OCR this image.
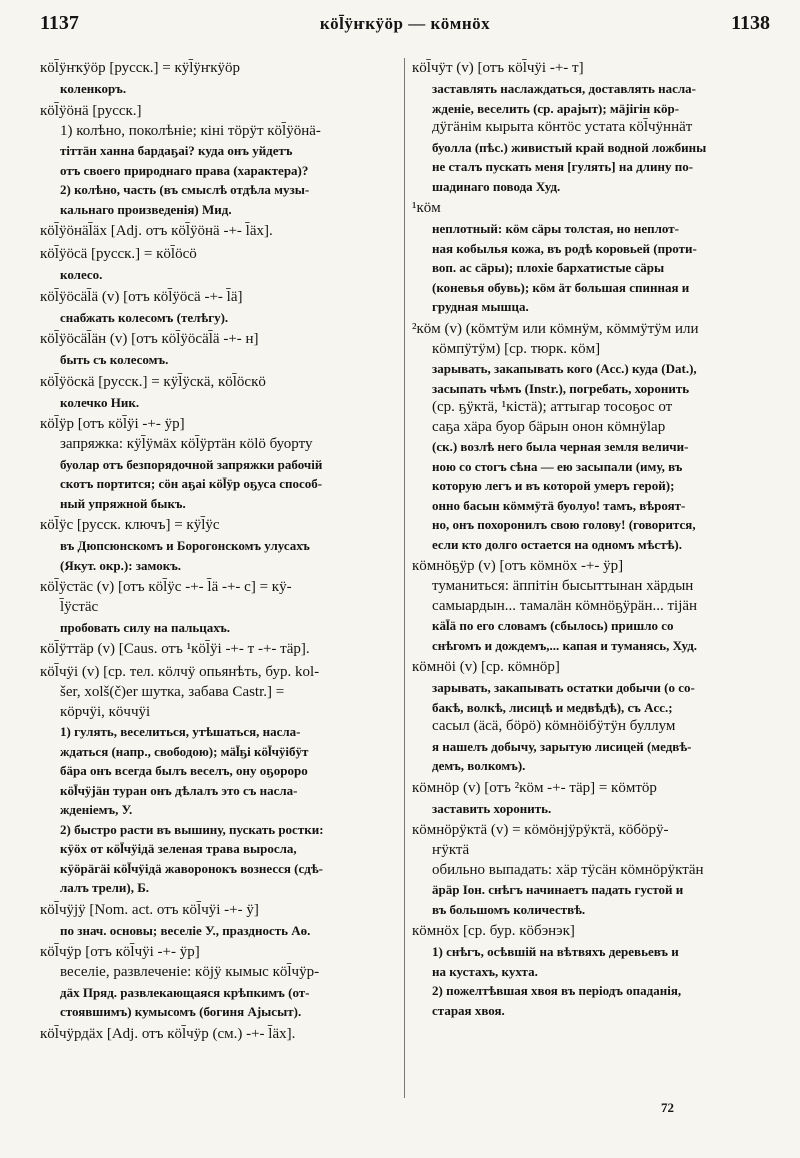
1137	кöl̄ÿҥкÿöр — кöмнöх	1138
кöl̄ÿҥкÿöр [русск.] = кÿl̄ÿҥкÿöр
коленкоръ.
кöl̄ÿöнä [русск.]
1) колѣно, поколѣніе; кіні тöрÿт кöl̄ÿöнä-
тіттäн ханна бардаҕаі? куда онъ уйдетъ
отъ своего природнаго права (характера)?
2) колѣно, часть (въ смыслѣ отдѣла музы-
кальнаго произведенія) Мид.
кöl̄ÿöнäl̄äх [Adj. отъ кöl̄ÿöнä -+- l̄äх].
кöl̄ÿöсä [русск.] = кöl̄öсö
колесо.
кöl̄ÿöсäl̄ä (v) [отъ кöl̄ÿöсä -+- l̄ä]
снабжать колесомъ (телѣгу).
кöl̄ÿöсäl̄äн (v) [отъ кöl̄ÿöсäl̄ä -+- н]
быть съ колесомъ.
кöl̄ÿöскä [русск.] = кÿl̄ÿскä, кöl̄öскö
колечко Ник.
кöl̄ÿр [отъ кöl̄ÿі -+- ÿр]
запряжка: кÿl̄ÿмäх кöl̄ÿртäн кölö буорту
буолар отъ безпорядочной запряжки рабочій
скотъ портится; сöн аҕаі кöl̄ÿр оҕуса способ-
ный упряжной быкъ.
кöl̄ÿс [русск. ключъ] = кÿl̄ÿс
въ Дюпсюнскомъ и Борогонскомъ улусахъ
(Якут. окр.): замокъ.
кöl̄ÿстäс (v) [отъ кöl̄ÿс -+- l̄ä -+- с] = кÿ-
l̄ÿстäс
пробовать силу на пальцахъ.
кöl̄ÿттäр (v) [Caus. отъ ¹кöl̄ÿі -+- т -+- тäр].
кöl̄чÿі (v) [ср. тел. кöлчÿ опьянѣть, бур. kol-
šer, xolš(č)er шутка, забава Castr.] =
кöрчÿі, кöччÿі
1) гулять, веселиться, утѣшаться, насла-
ждаться (напр., свободою); мäl̄ҕі кöl̄чÿібÿт
бäра онъ всегда былъ веселъ, ону оҕороро
кöl̄чÿјäн туран онъ дѣлалъ это съ насла-
жденіемъ, У.
2) быстро расти въ вышину, пускать ростки:
кÿöх от кöl̄чÿідä зеленая трава выросла,
кÿöрäгäі кöl̄чÿідä жаворонокъ вознесся (сдѣ-
лалъ трели), Б.
кöl̄чÿјÿ [Nom. act. отъ кöl̄чÿі -+- ÿ]
по знач. основы; веселіе У., праздность Аө.
кöl̄чÿр [отъ кöl̄чÿі -+- ÿр]
веселіе, развлеченіе: кöјÿ кымыс кöl̄чÿр-
дäх Пряд. развлекающаяся крѣпкимъ (от-
стоявшимъ) кумысомъ (богиня Ajысыт).
кöl̄чÿрдäх [Adj. отъ кöl̄чÿр (см.) -+- l̄äх].
кöl̄чÿт (v) [отъ кöl̄чÿі -+- т]
заставлять наслаждаться, доставлять насла-
жденіе, веселить (ср. арајыт); мäјігін кöр-
дÿгäнім кырыта кöнтöс устата кöl̄чÿннäт
буолла (пѣс.) живистый край водной ложбины
не сталъ пускать меня [гулять] на длину по-
шадинаго повода Худ.
¹кöм
неплотный: кöм сäры толстая, но неплот-
ная кобылья кожа, въ родѣ коровьей (проти-
воп. ас сäры); плохіе бархатистые сäры
(коневья обувь); кöм äт большая спинная и
грудная мышца.
²кöм (v) (кöмтÿм или кöмнÿм, кöммÿтÿм или
кöмпÿтÿм) [ср. тюрк. кöм]
зарывать, закапывать кого (Acc.) куда (Dat.),
засыпать чѣмъ (Instr.), погребать, хоронить
(ср. ҕÿктä, ¹кістä); аттыгар тосоҕос от
саҕа хäра буор бäрын онон кöмнÿlар
(ск.) возлѣ него была черная земля величи-
ною со стогъ сѣна — ею засыпали (иму, въ
которую легъ и въ которой умеръ герой);
онно басын кöммÿтä буолуо! тамъ, вѣроят-
но, онъ похоронилъ свою голову! (говорится,
если кто долго остается на одномъ мѣстѣ).
кöмнöҕÿр (v) [отъ кöмнöх -+- ÿр]
туманиться: äппітін бысыттынан хäрдын
самыардын... тамалäн кöмнöҕÿрäн... тіјäн
кäl̄ä по его словамъ (сбылось) пришло со
снѣгомъ и дождемъ,... капая и туманясь, Худ.
кöмнöі (v) [ср. кöмнöр]
зарывать, закапывать остатки добычи (о со-
бакѣ, волкѣ, лисицѣ и медвѣдѣ), съ Acc.;
сасыл (äсä, бöрö) кöмнöібÿтÿн буллум
я нашелъ добычу, зарытую лисицей (медвѣ-
демъ, волкомъ).
кöмнöр (v) [отъ ²кöм -+- тäр] = кöмтöр
заставить хоронить.
кöмнöрÿктä (v) = кöмöнjÿрÿктä, кöбöрÿ-
ҥÿктä
обильно выпадать: хäр тÿсäн кöмнöрÿктäн
äрäр Іон. снѣгъ начинаетъ падать густой и
въ большомъ количествѣ.
кöмнöх [ср. бур. кöбэнэк]
1) снѣгъ, осѣвшій на вѣтвяхъ деревьевъ и
на кустахъ, кухта.
2) пожелтѣвшая хвоя въ періодъ опаданія,
старая хвоя.
72
